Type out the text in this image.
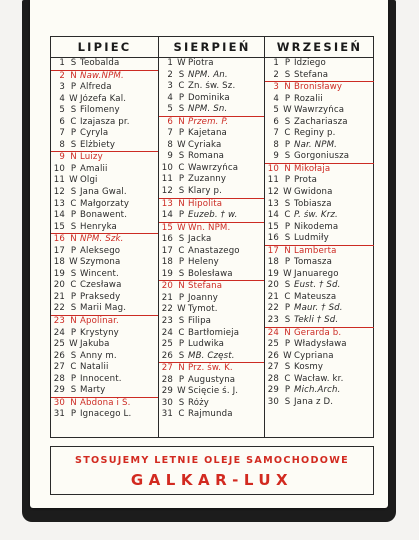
LIPIEC
1 S Teobalda
2 N Naw.NPM.
3 P Alfreda
4 W Józefa Kal.
5 Ś Filomeny
6 C Izajasza pr.
7 P Cyryla
8 S Elżbiety
9 N Luizy
10 P Amalii
11 W Olgi
12 Ś Jana Gwal.
13 C Małgorzaty
14 P Bonawent.
15 S Henryka
16 N NPM. Szk.
17 P Aleksego
18 W Szymona
19 Ś Wincent.
20 C Czesława
21 P Praksedy
22 S Marii Mag.
23 N Apolinar.
24 P Krystyny
25 W Jakuba
26 Ś Anny m.
27 C Natalii
28 P Innocent.
29 S Marty
30 N Abdona i S.
31 P Ignacego L.
SIERPIEŃ
1 W Piotra
2 Ś NPM. An.
3 C Zn. św. Sz.
4 P Dominika
5 S NPM. Śn.
6 N Przem. P.
7 P Kajetana
8 W Cyriaka
9 Ś Romana
10 C Wawrzyńca
11 P Zuzanny
12 S Klary p.
13 N Hipolita
14 P Euzeb. † w.
15 W Wn. NPM.
16 Ś Jacka
17 C Anastazego
18 P Heleny
19 S Bolesława
20 N Stefana
21 P Joanny
22 W Tymot.
23 Ś Filipa
24 C Bartłomieja
25 P Ludwika
26 S MB. Częst.
27 N Prz. św. K.
28 P Augustyna
29 W Ścięcie ś. J.
30 Ś Róży
31 C Rajmunda
WRZESIEŃ
1 P Idziego
2 S Stefana
3 N Bronisławy
4 P Rozalii
5 W Wawrzyńca
6 Ś Zachariasza
7 C Reginy p.
8 P Nar. NPM.
9 S Gorgoniusza
10 N Mikołaja
11 P Prota
12 W Gwidona
13 Ś Tobiasza
14 C P. św. Krz.
15 P Nikodema
16 S Ludmiły
17 N Lamberta
18 P Tomasza
19 W Januarego
20 Ś Eust. † Śd.
21 C Mateusza
22 P Maur. † Śd.
23 S Tekli † Śd.
24 N Gerarda b.
25 P Władysława
26 W Cypriana
27 Ś Kosmy
28 C Wacław. kr.
29 P Mich.Arch.
30 S Jana z D.
STOSUJEMY LETNIE OLEJE SAMOCHODOWE
GALKAR-LUX
